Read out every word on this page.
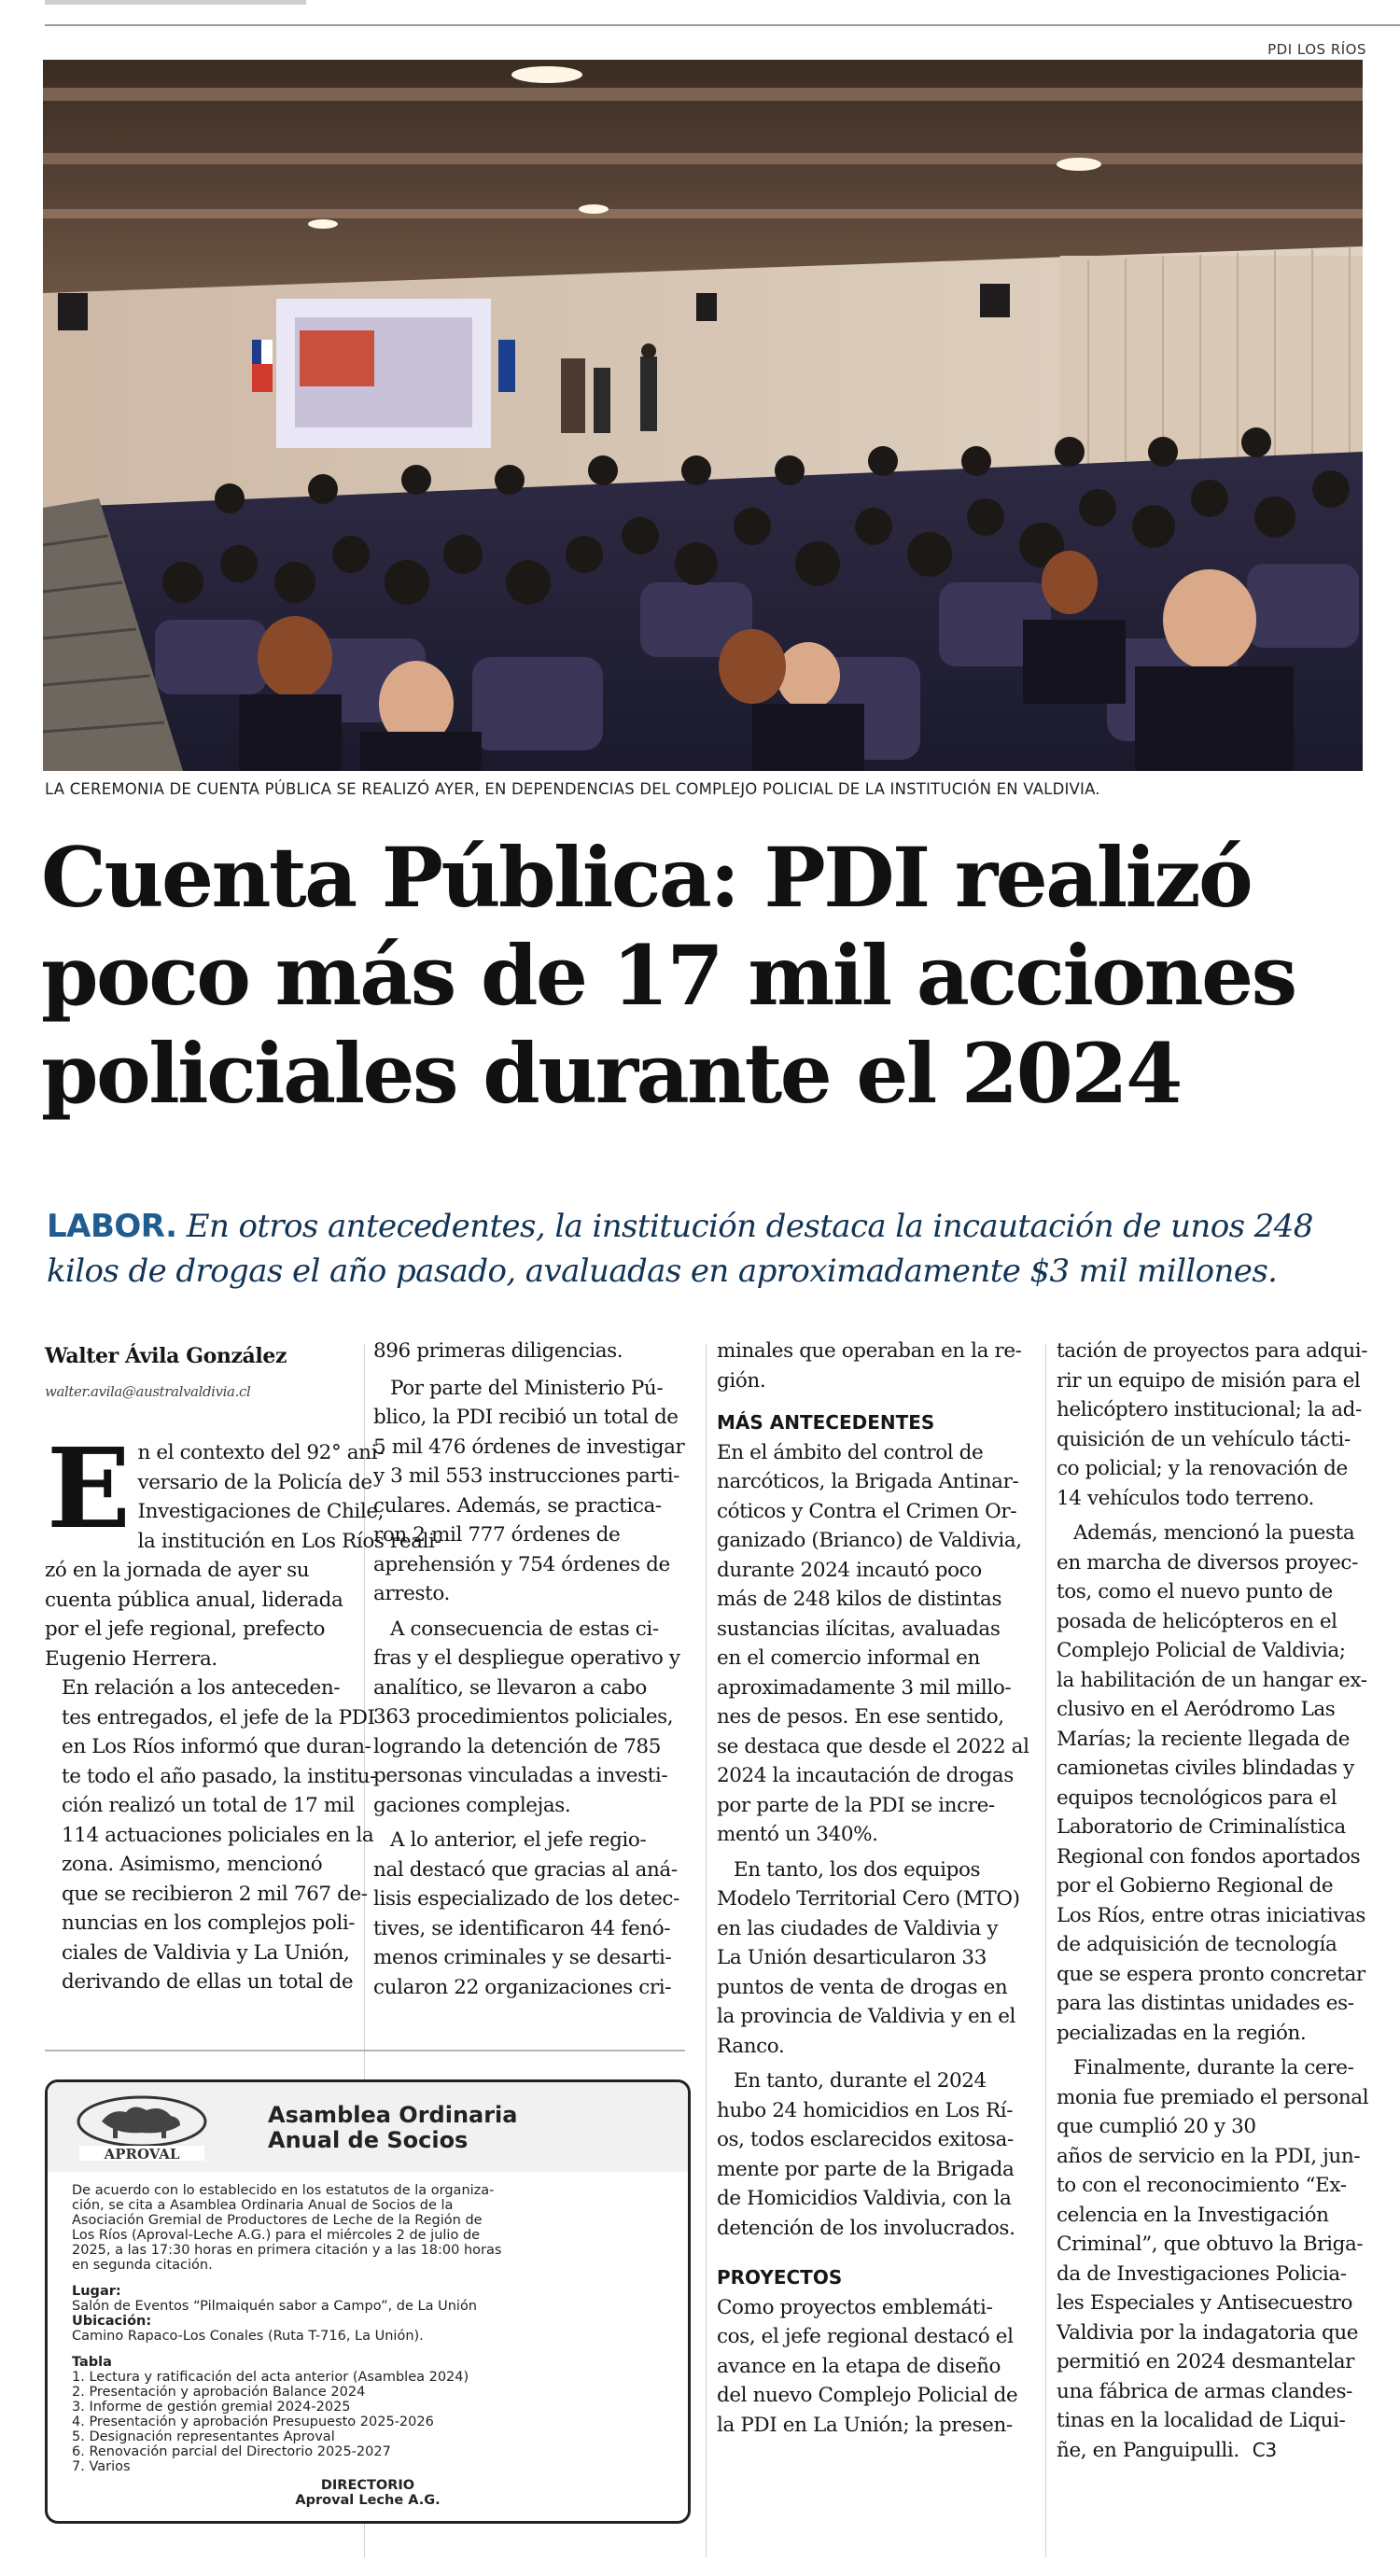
PDI LOS RÍOS
LA CEREMONIA DE CUENTA PÚBLICA SE REALIZÓ AYER, EN DEPENDENCIAS DEL COMPLEJO POLICIAL DE LA INSTITUCIÓN EN VALDIVIA.
Cuenta Pública: PDI realizó
poco más de 17 mil acciones
policiales durante el 2024
LABOR. En otros antecedentes, la institución destaca la incautación de unos 248
kilos de drogas el año pasado, avaluadas en aproximadamente $3 mil millones.
Walter Ávila González
walter.avila@australvaldivia.cl

E n el contexto del 92° ani-
versario de la Policía de
Investigaciones de Chile,
la institución en Los Ríos reali-
zó en la jornada de ayer su
cuenta pública anual, liderada
por el jefe regional, prefecto
Eugenio Herrera.

En relación a los anteceden-
tes entregados, el jefe de la PDI
en Los Ríos informó que duran-
te todo el año pasado, la institu-
ción realizó un total de 17 mil
114 actuaciones policiales en la
zona. Asimismo, mencionó
que se recibieron 2 mil 767 de-
nuncias en los complejos poli-
ciales de Valdivia y La Unión,
derivando de ellas un total de

896 primeras diligencias.

Por parte del Ministerio Pú-
blico, la PDI recibió un total de
5 mil 476 órdenes de investigar
y 3 mil 553 instrucciones parti-
culares. Además, se practica-
ron 2 mil 777 órdenes de
aprehensión y 754 órdenes de
arresto.

A consecuencia de estas ci-
fras y el despliegue operativo y
analítico, se llevaron a cabo
363 procedimientos policiales,
logrando la detención de 785
personas vinculadas a investi-
gaciones complejas.

A lo anterior, el jefe regio-
nal destacó que gracias al aná-
lisis especializado de los detec-
tives, se identificaron 44 fenó-
menos criminales y se desarti-
cularon 22 organizaciones cri-

minales que operaban en la re-
gión.

MÁS ANTECEDENTES

En el ámbito del control de
narcóticos, la Brigada Antinar-
cóticos y Contra el Crimen Or-
ganizado (Brianco) de Valdivia,
durante 2024 incautó poco
más de 248 kilos de distintas
sustancias ilícitas, avaluadas
en el comercio informal en
aproximadamente 3 mil millo-
nes de pesos. En ese sentido,
se destaca que desde el 2022 al
2024 la incautación de drogas
por parte de la PDI se incre-
mentó un 340%.

En tanto, los dos equipos
Modelo Territorial Cero (MTO)
en las ciudades de Valdivia y
La Unión desarticularon 33
puntos de venta de drogas en
la provincia de Valdivia y en el
Ranco.

En tanto, durante el 2024
hubo 24 homicidios en Los Rí-
os, todos esclarecidos exitosa-
mente por parte de la Brigada
de Homicidios Valdivia, con la
detención de los involucrados.

PROYECTOS

Como proyectos emblemáti-
cos, el jefe regional destacó el
avance en la etapa de diseño
del nuevo Complejo Policial de
la PDI en La Unión; la presen-

tación de proyectos para adqui-
rir un equipo de misión para el
helicóptero institucional; la ad-
quisición de un vehículo tácti-
co policial; y la renovación de
14 vehículos todo terreno.

Además, mencionó la puesta
en marcha de diversos proyec-
tos, como el nuevo punto de
posada de helicópteros en el
Complejo Policial de Valdivia;
la habilitación de un hangar ex-
clusivo en el Aeródromo Las
Marías; la reciente llegada de
camionetas civiles blindadas y
equipos tecnológicos para el
Laboratorio de Criminalística
Regional con fondos aportados
por el Gobierno Regional de
Los Ríos, entre otras iniciativas
de adquisición de tecnología
que se espera pronto concretar
para las distintas unidades es-
pecializadas en la región.

Finalmente, durante la cere-
monia fue premiado el personal
que cumplió 20 y 30
años de servicio en la PDI, jun-
to con el reconocimiento “Ex-
celencia en la Investigación
Criminal”, que obtuvo la Briga-
da de Investigaciones Policia-
les Especiales y Antisecuestro
Valdivia por la indagatoria que
permitió en 2024 desmantelar
una fábrica de armas clandes-
tinas en la localidad de Liqui-
ñe, en Panguipulli. C3

APROVAL
Asamblea Ordinaria
Anual de Socios
De acuerdo con lo establecido en los estatutos de la organiza-
ción, se cita a Asamblea Ordinaria Anual de Socios de la
Asociación Gremial de Productores de Leche de la Región de
Los Ríos (Aproval-Leche A.G.) para el miércoles 2 de julio de
2025, a las 17:30 horas en primera citación y a las 18:00 horas
en segunda citación.
Lugar:
Salón de Eventos “Pilmaiquén sabor a Campo”, de La Unión
Ubicación:
Camino Rapaco-Los Conales (Ruta T-716, La Unión).
Tabla
1. Lectura y ratificación del acta anterior (Asamblea 2024)
2. Presentación y aprobación Balance 2024
3. Informe de gestión gremial 2024-2025
4. Presentación y aprobación Presupuesto 2025-2026
5. Designación representantes Aproval
6. Renovación parcial del Directorio 2025-2027
7. Varios
DIRECTORIO
Aproval Leche A.G.
